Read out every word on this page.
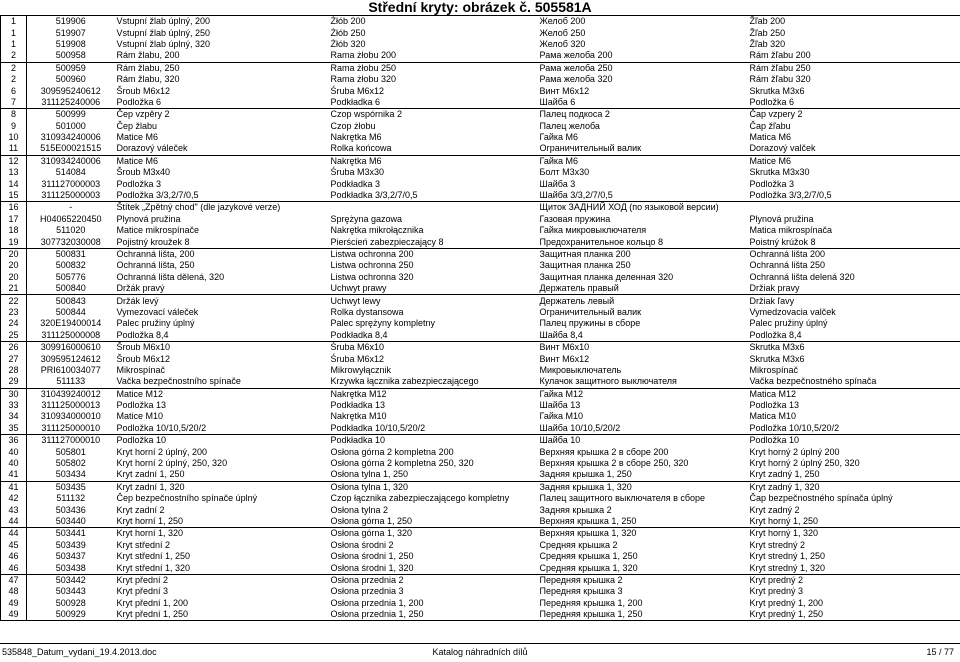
Střední kryty: obrázek č. 505581A
1	519906	Vstupní žlab úplný, 200	Żłób 200	Желоб 200	Žľab 200
1	519907	Vstupní žlab úplný, 250	Żłób 250	Желоб 250	Žľab 250
1	519908	Vstupní žlab úplný, 320	Żłób 320	Желоб 320	Žľab 320
2	500958	Rám žlabu, 200	Rama żłobu 200	Рама желоба 200	Rám žľabu 200
2	500959	Rám žlabu, 250	Rama żłobu 250	Рама желоба 250	Rám žľabu 250
2	500960	Rám žlabu, 320	Rama żłobu 320	Рама желоба 320	Rám žľabu 320
6	309595240612	Šroub M6x12	Śruba M6x12	Винт M6x12	Skrutka M3x6
7	311125240006	Podložka 6	Podkładka 6	Шайба 6	Podložka 6
8	500999	Čep vzpěry 2	Czop wspórnika 2	Палец подкоса 2	Čap vzpery 2
9	501000	Čep žlabu	Czop żłobu	Палец желоба	Čap žľabu
10	310934240006	Matice M6	Nakrętka M6	Гайка M6	Matica M6
11	515E00021515	Dorazový váleček	Rolka końcowa	Ограничительный валик	Dorazový valček
12	310934240006	Matice M6	Nakrętka M6	Гайка M6	Matice M6
13	514084	Šroub M3x40	Śruba M3x30	Болт M3x30	Skrutka M3x30
14	311127000003	Podložka 3	Podkładka 3	Шайба 3	Podložka 3
15	311125000003	Podložka 3/3,2/7/0,5	Podkładka 3/3,2/7/0,5	Шайба 3/3,2/7/0,5	Podložka 3/3,2/7/0,5
16	-	Štítek „Zpětný chod" (dle jazykové verze)		Щиток ЗАДНИЙ ХОД (по языковой версии)	
17	H04065220450	Plynová pružina	Sprężyna gazowa	Газовая пружина	Plynová pružina
18	511020	Matice mikrospínače	Nakrętka mikrołącznika	Гайка микровыключателя	Matica mikrospínača
19	307732030008	Pojistný kroužek 8	Pierścień zabezpieczający 8	Предохранительное кольцо 8	Poistný krúžok 8
20	500831	Ochranná lišta, 200	Listwa ochronna 200	Защитная планка 200	Ochranná lišta 200
20	500832	Ochranná lišta, 250	Listwa ochronna 250	Защитная планка 250	Ochranná lišta 250
20	505776	Ochranná lišta dělená, 320	Listwa ochronna 320	Защитная планка деленная 320	Ochranná lišta delená 320
21	500840	Držák pravý	Uchwyt prawy	Держатель правый	Držiak pravy
22	500843	Držák levý	Uchwyt lewy	Держатель левый	Držiak ľavy
23	500844	Vymezovací váleček	Rolka dystansowa	Ограничительный валик	Vymedzovacia valček
24	320E19400014	Palec pružiny úplný	Palec sprężyny kompletny	Палец пружины в сборе	Palec pružiny úplný
25	311125000008	Podložka 8,4	Podkładka 8,4	Шайба 8,4	Podložka 8,4
26	309916000610	Šroub M6x10	Śruba M6x10	Винт M6x10	Skrutka M3x6
27	309595124612	Šroub M6x12	Śruba M6x12	Винт M6x12	Skrutka M3x6
28	PRI610034077	Mikrospínač	Mikrowyłącznik	Микровыключатель	Mikrospínač
29	511133	Vačka bezpečnostního spínače	Krzywka łącznika zabezpieczającego	Кулачок защитного выключателя	Vačka bezpečnostného spínača
30	310439240012	Matice M12	Nakrętka M12	Гайка M12	Matica M12
33	311125000013	Podložka 13	Podkładka 13	Шайба 13	Podložka 13
34	310934000010	Matice M10	Nakrętka M10	Гайка M10	Matica M10
35	311125000010	Podložka 10/10,5/20/2	Podkładka 10/10,5/20/2	Шайба 10/10,5/20/2	Podložka 10/10,5/20/2
36	311127000010	Podložka 10	Podkładka 10	Шайба 10	Podložka 10
40	505801	Kryt horní 2 úplný, 200	Osłona górna 2 kompletna 200	Верхняя крышка 2 в сборе 200	Kryt horný 2 úplný 200
40	505802	Kryt horní 2 úplný, 250, 320	Osłona górna 2 kompletna 250, 320	Верхняя крышка 2 в сборе 250, 320	Kryt horný 2 úplný 250, 320
41	503434	Kryt zadní 1, 250	Osłona tylna 1, 250	Задняя крышка 1, 250	Kryt zadný 1, 250
41	503435	Kryt zadní 1, 320	Osłona tylna 1, 320	Задняя крышка 1, 320	Kryt zadný 1, 320
42	511132	Čep bezpečnostního spínače úplný	Czop łącznika zabezpieczającego kompletny	Палец защитного выключателя в сборе	Čap bezpečnostného spínača úplný
43	503436	Kryt zadní 2	Osłona tylna 2	Задняя крышка 2	Kryt zadný 2
44	503440	Kryt horní 1, 250	Osłona górna 1, 250	Верхняя крышка 1, 250	Kryt horný 1, 250
44	503441	Kryt horní 1, 320	Osłona górna 1, 320	Верхняя крышка 1, 320	Kryt horný 1, 320
45	503439	Kryt střední 2	Osłona środni 2	Средняя крышка 2	Kryt stredný 2
46	503437	Kryt střední 1, 250	Osłona środni 1, 250	Средняя крышка 1, 250	Kryt stredný 1, 250
46	503438	Kryt střední 1, 320	Osłona środni 1, 320	Средняя крышка 1, 320	Kryt stredný 1, 320
47	503442	Kryt přední 2	Osłona przednia 2	Передняя крышка 2	Kryt predný 2
48	503443	Kryt přední 3	Osłona przednia 3	Передняя крышка 3	Kryt predný 3
49	500928	Kryt přední 1, 200	Osłona przednia 1, 200	Передняя крышка 1, 200	Kryt predný 1, 200
49	500929	Kryt přední 1, 250	Osłona przednia 1, 250	Передняя крышка 1, 250	Kryt predný 1, 250
535848_Datum_vydani_19.4.2013.doc	Katalog náhradních dílů	15 / 77
